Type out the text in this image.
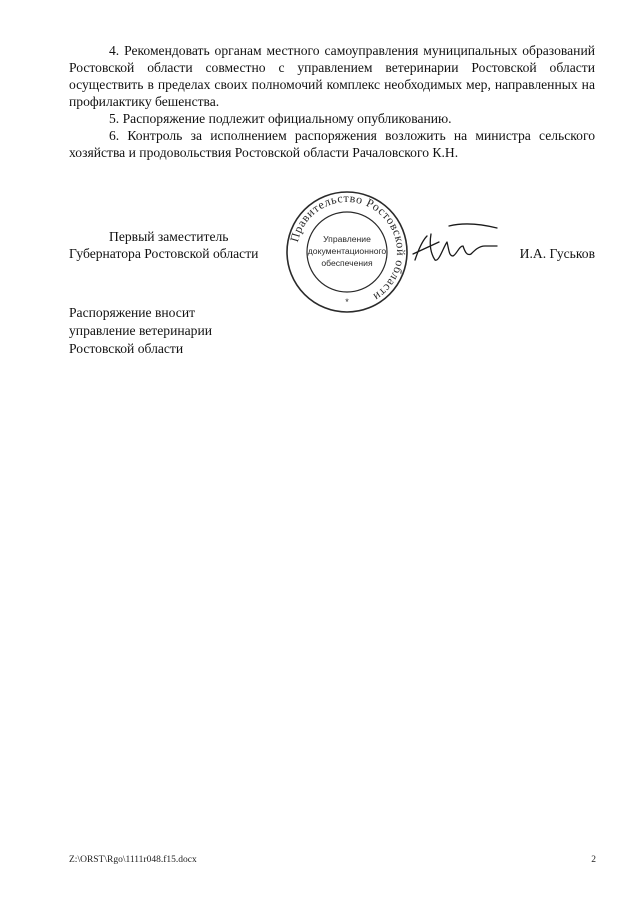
4. Рекомендовать органам местного самоуправления муниципальных образований Ростовской области совместно с управлением ветеринарии Ростовской области осуществить в пределах своих полномочий комплекс необходимых мер, направленных на профилактику бешенства.

5. Распоряжение подлежит официальному опубликованию.

6. Контроль за исполнением распоряжения возложить на министра сельского хозяйства и продовольствия Ростовской области Рачаловского К.Н.

Первый заместитель
Губернатора Ростовской области
Правительство Ростовской области
Управление
документационного
обеспечения
*
И.А. Гуськов
Распоряжение вносит
управление ветеринарии
Ростовской области
Z:\ORST\Rgo\1111r048.f15.docx	2
